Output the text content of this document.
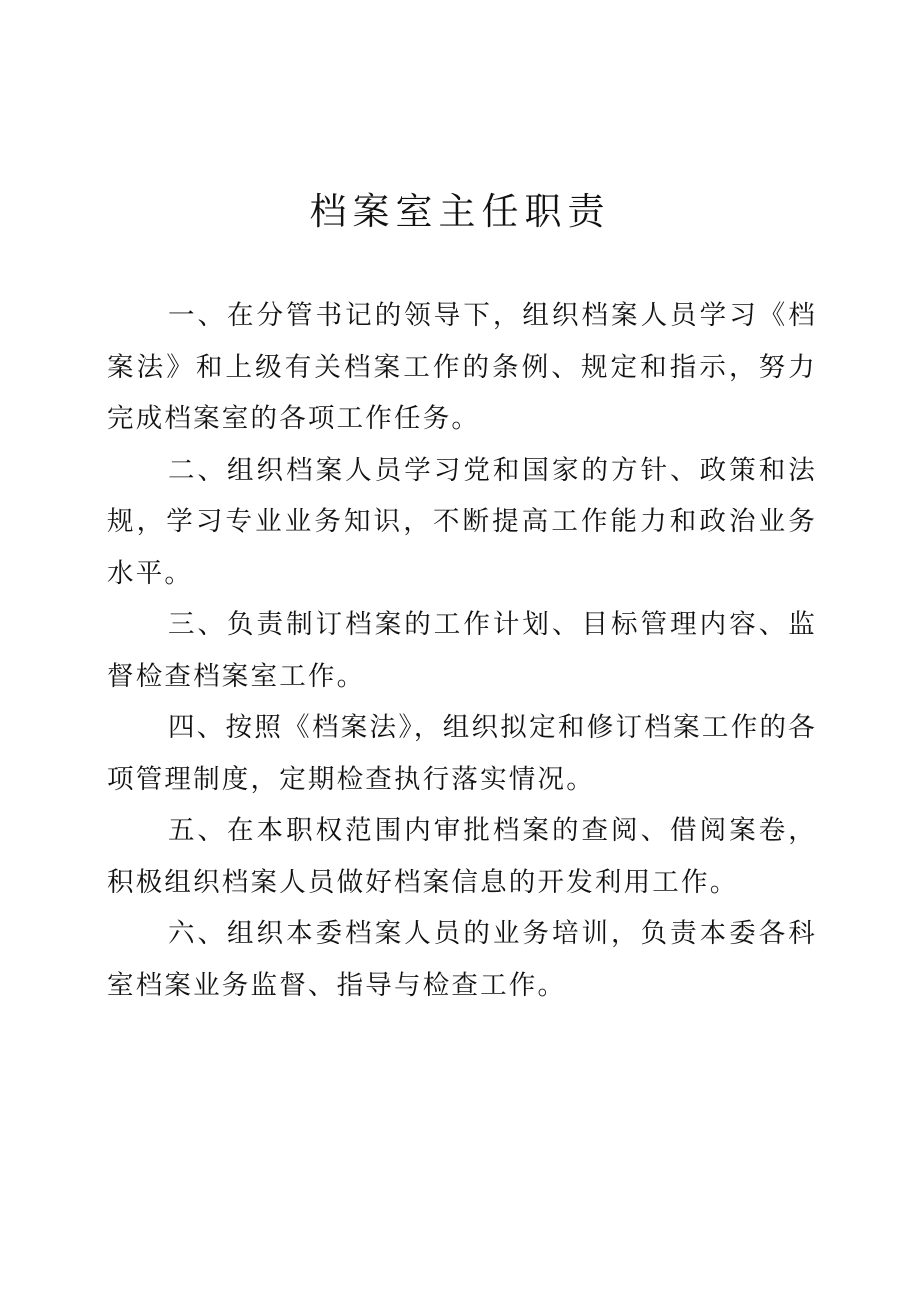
档案室主任职责

一、在分管书记的领导下，组织档案人员学习《档案法》和上级有关档案工作的条例、规定和指示，努力完成档案室的各项工作任务。

二、组织档案人员学习党和国家的方针、政策和法规，学习专业业务知识，不断提高工作能力和政治业务水平。

三、负责制订档案的工作计划、目标管理内容、监督检查档案室工作。

四、按照《档案法》，组织拟定和修订档案工作的各项管理制度，定期检查执行落实情况。

五、在本职权范围内审批档案的查阅、借阅案卷，积极组织档案人员做好档案信息的开发利用工作。

六、组织本委档案人员的业务培训，负责本委各科室档案业务监督、指导与检查工作。
